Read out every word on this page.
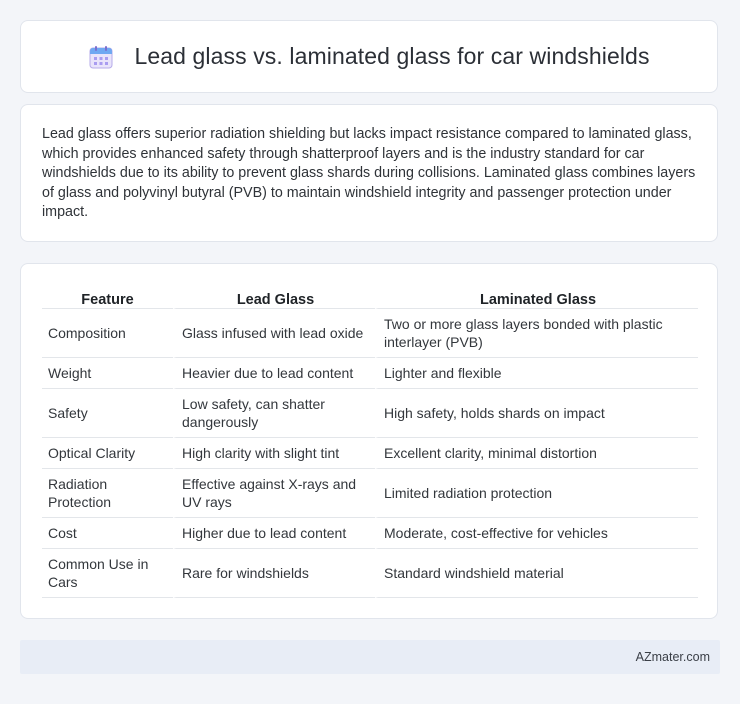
Lead glass vs. laminated glass for car windshields

Lead glass offers superior radiation shielding but lacks impact resistance compared to laminated glass, which provides enhanced safety through shatterproof layers and is the industry standard for car windshields due to its ability to prevent glass shards during collisions. Laminated glass combines layers of glass and polyvinyl butyral (PVB) to maintain windshield integrity and passenger protection under impact.

Feature	Lead Glass	Laminated Glass
Composition	Glass infused with lead oxide	Two or more glass layers bonded with plastic interlayer (PVB)
Weight	Heavier due to lead content	Lighter and flexible
Safety	Low safety, can shatter dangerously	High safety, holds shards on impact
Optical Clarity	High clarity with slight tint	Excellent clarity, minimal distortion
Radiation Protection	Effective against X-rays and UV rays	Limited radiation protection
Cost	Higher due to lead content	Moderate, cost-effective for vehicles
Common Use in Cars	Rare for windshields	Standard windshield material
AZmater.com
